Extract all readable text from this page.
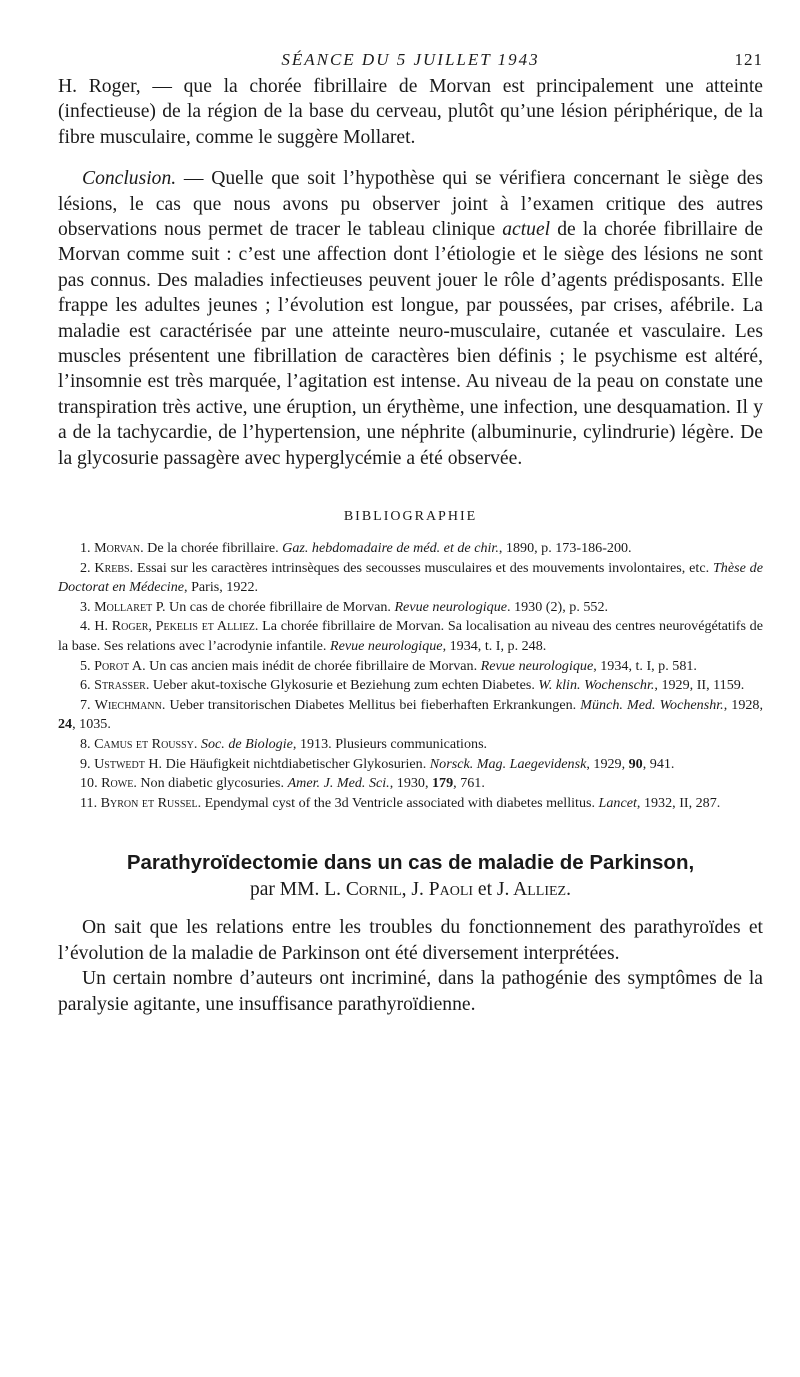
SÉANCE DU 5 JUILLET 1943	121

H. Roger, — que la chorée fibrillaire de Morvan est principalement une atteinte (infectieuse) de la région de la base du cerveau, plutôt qu’une lésion périphérique, de la fibre musculaire, comme le suggère Mollaret.

Conclusion. — Quelle que soit l’hypothèse qui se vérifiera concernant le siège des lésions, le cas que nous avons pu observer joint à l’examen critique des autres observations nous permet de tracer le tableau clinique actuel de la chorée fibrillaire de Morvan comme suit : c’est une affection dont l’étiologie et le siège des lésions ne sont pas connus. Des maladies infectieuses peuvent jouer le rôle d’agents prédisposants. Elle frappe les adultes jeunes ; l’évolution est longue, par poussées, par crises, afébrile. La maladie est caractérisée par une atteinte neuro-musculaire, cutanée et vasculaire. Les muscles présentent une fibrillation de caractères bien définis ; le psychisme est altéré, l’insomnie est très marquée, l’agitation est intense. Au niveau de la peau on constate une transpiration très active, une éruption, un érythème, une infection, une desquamation. Il y a de la tachycardie, de l’hypertension, une néphrite (albuminurie, cylindrurie) légère. De la glycosurie passagère avec hyperglycémie a été observée.

BIBLIOGRAPHIE
1. Morvan. De la chorée fibrillaire. Gaz. hebdomadaire de méd. et de chir., 1890, p. 173-186-200.
2. Krebs. Essai sur les caractères intrinsèques des secousses musculaires et des mouvements involontaires, etc. Thèse de Doctorat en Médecine, Paris, 1922.
3. Mollaret P. Un cas de chorée fibrillaire de Morvan. Revue neurologique. 1930 (2), p. 552.
4. H. Roger, Pekelis et Alliez. La chorée fibrillaire de Morvan. Sa localisation au niveau des centres neurovégétatifs de la base. Ses relations avec l’acrodynie infantile. Revue neurologique, 1934, t. I, p. 248.
5. Porot A. Un cas ancien mais inédit de chorée fibrillaire de Morvan. Revue neurologique, 1934, t. I, p. 581.
6. Strasser. Ueber akut-toxische Glykosurie et Beziehung zum echten Diabetes. W. klin. Wochenschr., 1929, II, 1159.
7. Wiechmann. Ueber transitorischen Diabetes Mellitus bei fieberhaften Erkrankungen. Münch. Med. Wochenshr., 1928, 24, 1035.
8. Camus et Roussy. Soc. de Biologie, 1913. Plusieurs communications.
9. Ustwedt H. Die Häufigkeit nichtdiabetischer Glykosurien. Norsck. Mag. Laegevidensk, 1929, 90, 941.
10. Rowe. Non diabetic glycosuries. Amer. J. Med. Sci., 1930, 179, 761.
11. Byron et Russel. Ependymal cyst of the 3d Ventricle associated with diabetes mellitus. Lancet, 1932, II, 287.
Parathyroïdectomie dans un cas de maladie de Parkinson,
par MM. L. Cornil, J. Paoli et J. Alliez.

On sait que les relations entre les troubles du fonctionnement des parathyroïdes et l’évolution de la maladie de Parkinson ont été diversement interprétées.

Un certain nombre d’auteurs ont incriminé, dans la pathogénie des symptômes de la paralysie agitante, une insuffisance parathyroïdienne.
